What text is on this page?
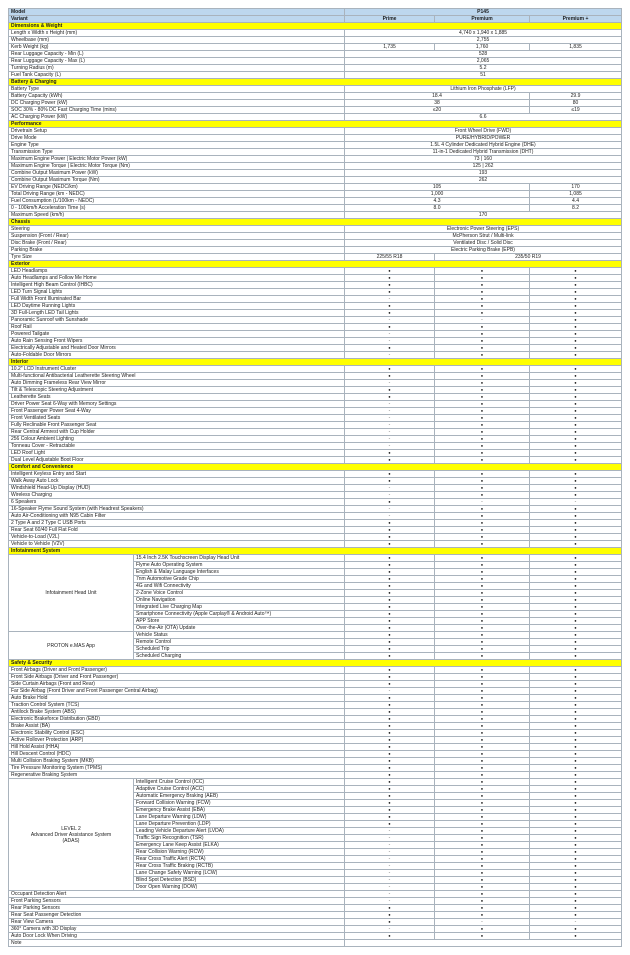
Model		P145		
Variant		Prime	Premium	Premium +
Dimensions & Weight				
Length x Width x Height (mm)		4,740 x 1,940 x 1,885		
Wheelbase (mm)		2,755		
Kerb Weight (kg)		1,735	1,760	1,835
Rear Luggage Capacity - Min (L)		528		
Rear Luggage Capacity - Max (L)		2,065		
Turning Radius (m)		5.2		
Fuel Tank Capacity (L)		51		
Battery & Charging				
Battery Type		Lithium Iron Phosphate (LFP)		
Battery Capacity (kWh)		18.4		29.9
DC Charging Power (kW)		38		80
SOC 30% - 80% DC Fast Charging Time (mins)		≤20		≤19
AC Charging Power (kW)		6.6		
Performance				
Drivetrain Setup		Front Wheel Drive (FWD)		
Drive Mode		PURE/HYBRID/POWER		
Engine Type		1.5L 4 Cylinder Dedicated Hybrid Engine (DHE)		
Transmission Type		11-in-1 Dedicated Hybrid Transmission (DHT)		
Maximum Engine Power | Electric Motor Power (kW)		73 | 160		
Maximum Engine Torque | Electric Motor Torque (Nm)		125 | 262		
Combine Output Maximum Power (kW)		193		
Combine Output Maximum Torque (Nm)		262		
EV Driving Range (NEDC/km)		105		170
Total Driving Range (km - NEDC)		1,000		1,085
Fuel Consumption (L/100km - NEDC)		4.3		4.4
0 - 100km/h Acceleration Time (s)		8.0		8.2
Maximum Speed (km/h)		170		
Chassis				
Steering		Electronic Power Steering (EPS)		
Suspension (Front / Rear)		McPherson Strut / Multi-link		
Disc Brake (Front / Rear)		Ventilated Disc / Solid Disc		
Parking Brake		Electric Parking Brake (EPB)		
Tyre Size		225/55 R18	235/50 R19	
Exterior				
LED Headlamps		●	●	●
Auto Headlamps and Follow Me Home		●	●	●
Intelligent High Beam Control (IHBC)		●	●	●
LED Turn Signal Lights		●	●	●
Full Width Front Illuminated Bar		-	●	●
LED Daytime Running Lights		●	●	●
3D Full-Length LED Tail Lights		●	●	●
Panoramic Sunroof with Sunshade		-	-	●
Roof Rail		●	●	●
Powered Tailgate		-	●	●
Auto Rain Sensing Front Wipers		-	●	●
Electrically Adjustable and Heated Door Mirrors		●	●	●
Auto-Foldable Door Mirrors		-	●	●
Interior				
10.2" LCD Instrument Cluster		●	●	●
Multi-functional Antibacterial Leatherette Steering Wheel		●	●	●
Auto Dimming Frameless Rear View Mirror		-	●	●
Tilt & Telescopic Steering Adjustment		●	●	●
Leatherette Seats		●	●	●
Driver Power Seat 6-Way with Memory Settings		-	●	●
Front Passenger Power Seat 4-Way		-	●	●
Front Ventilated Seats		-	●	●
Fully Reclinable Front Passenger Seat		-	●	●
Rear Central Armrest with Cup Holder		-	●	●
256 Colour Ambient Lighting		-	●	●
Tonneau Cover - Retractable		-	●	●
LED Roof Light		●	●	●
Dual Level Adjustable Boot Floor		●	●	●
Comfort and Convenience				
Intelligent Keyless Entry and Start		●	●	●
Walk Away Auto Lock		●	●	●
Windshield Head-Up Display (HUD)		-	●	●
Wireless Charging		-	●	●
6 Speakers		●	-	-
16-Speaker Flyme Sound System (with Headrest Speakers)		-	●	●
Auto Air-Conditioning with N95 Cabin Filter		-	●	●
2 Type A and 2 Type C USB Ports		●	●	●
Rear Seat 60/40 Full Flat Fold		●	●	●
Vehicle-to-Load (V2L)		●	●	●
Vehicle to Vehicle (V2V)		●	●	●
Infotainment System				

Infotainment Head Unit	15.4 Inch 2.5K Touchscreen Display Head Unit	●	●	●
	Flyme Auto Operating System	●	●	●
	English & Malay Language Interfaces	●	●	●
	7nm Automotive Grade Chip	●	●	●
	4G and Wifi Connectivity	●	●	●
	2-Zone Voice Control	●	●	●
	Online Navigation	●	●	●
	Integrated Live Charging Map	●	●	●
	Smartphone Connectivity (Apple Carplay® & Android Auto™)	●	●	●
	APP Store	●	●	●
	Over-the-Air (OTA) Update	●	●	●

PROTON e.MAS App	Vehicle Status	●	●	●
	Remote Control	●	●	●
	Scheduled Trip	●	●	●
	Scheduled Charging	●	●	●
Safety & Security				
Front Airbags (Driver and Front Passenger)		●	●	●
Front Side Airbags (Driver and Front Passenger)		●	●	●
Side Curtain Airbags (Front and Rear)		●	●	●
Far Side Airbag (Front Driver and Front Passenger Central Airbag)		-	●	●
Auto Brake Hold		●	●	●
Traction Control System (TCS)		●	●	●
Antilock Brake System (ABS)		●	●	●
Electronic Brakeforce Distribution (EBD)		●	●	●
Brake Assist (BA)		●	●	●
Electronic Stability Control (ESC)		●	●	●
Active Rollover Protection (ARP)		●	●	●
Hill Hold Assist (HHA)		●	●	●
Hill Descent Control (HDC)		●	●	●
Multi Collision Braking System (MKB)		●	●	●
Tire Pressure Monitoring System (TPMS)		●	●	●
Regenerative Braking System		●	●	●

LEVEL 2
Advanced Driver Assistance System
(ADAS)	Intelligent Cruise Control (ICC)	●	●	●
	Adaptive Cruise Control (ACC)	●	●	●
	Automatic Emergency Braking (AEB)	●	●	●
	Forward Collision Warning (FCW)	●	●	●
	Emergency Brake Assist (EBA)	●	●	●
	Lane Departure Warning (LDW)	●	●	●
	Lane Departure Prevention (LDP)	●	●	●
	Leading Vehicle Departure Alert (LVDA)	-	●	●
	Traffic Sign Recognition (TSR)	-	●	●
	Emergency Lane Keep Assist (ELKA)	-	●	●
	Rear Collision Warning (RCW)	-	●	●
	Rear Cross Traffic Alert (RCTA)	-	●	●
	Rear Cross Traffic Braking (RCTB)	-	●	●
	Lane Change Safety Warning (LCW)	-	●	●
	Blind Spot Detection (BSD)	-	●	●
	Door Open Warning (DOW)	-	●	●
Occupant Detection Alert		-	●	●
Front Parking Sensors		-	●	●
Rear Parking Sensors		●	●	●
Rear Seat Passenger Detection		●	●	●
Rear View Camera		●	-	-
360° Camera with 3D Display		-	●	●
Auto Door Lock When Driving		●	●	●
Note				
